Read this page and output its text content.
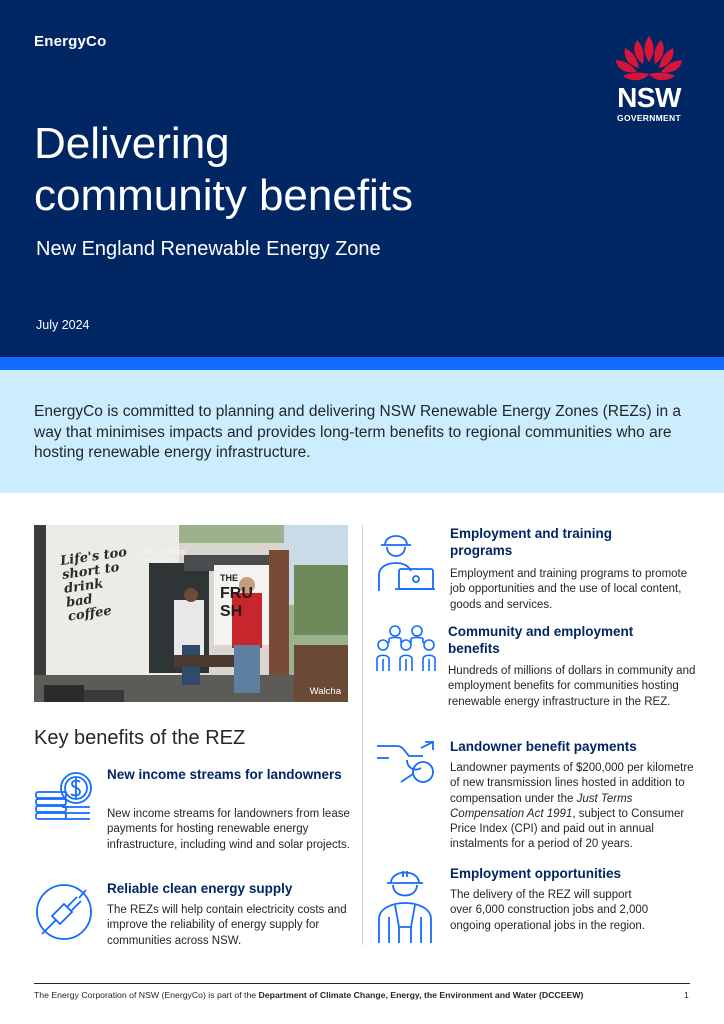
EnergyCo
NSW
GOVERNMENT
Delivering
community benefits
New England Renewable Energy Zone
July 2024

EnergyCo is committed to planning and delivering NSW Renewable Energy Zones (REZs) in a way that minimises impacts and provides long-term benefits to regional communities who are hosting renewable energy infrastructure.

Life's too short to drink bad coffee
THE COFFEE WINDOW
THE
FRU
SH
Walcha
Key benefits of the REZ
New income streams for landowners

New income streams for landowners from lease payments for hosting renewable energy infrastructure, including wind and solar projects.

Reliable clean energy supply

The REZs will help contain electricity costs and improve the reliability of energy supply for communities across NSW.

Employment and training programs

Employment and training programs to promote job opportunities and the use of local content, goods and services.

Community and employment benefits

Hundreds of millions of dollars in community and employment benefits for communities hosting renewable energy infrastructure in the REZ.

Landowner benefit payments

Landowner payments of $200,000 per kilometre of new transmission lines hosted in addition to compensation under the Just Terms Compensation Act 1991, subject to Consumer Price Index (CPI) and paid out in annual instalments for a period of 20 years.

Employment opportunities

The delivery of the REZ will support over 6,000 construction jobs and 2,000 ongoing operational jobs in the region.

The Energy Corporation of NSW (EnergyCo) is part of the Department of Climate Change, Energy, the Environment and Water (DCCEEW)	1
